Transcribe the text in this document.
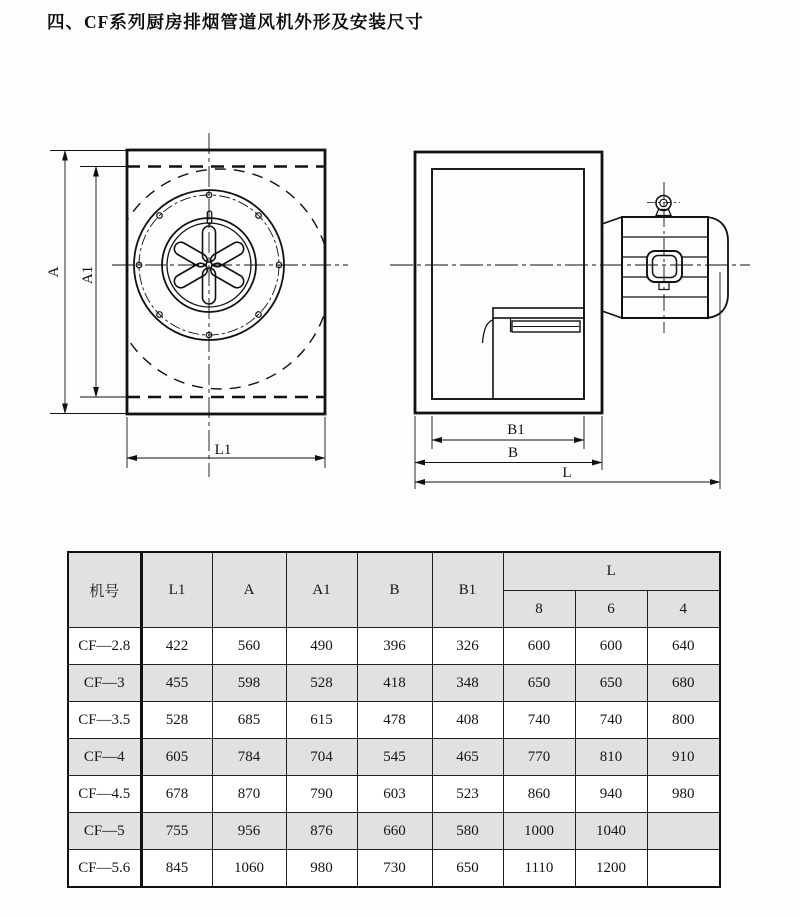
四、CF系列厨房排烟管道风机外形及安装尺寸
A A1
L1
B1
B
L
机号	L1	A	A1	B	B1	L		
						8	6	4
CF—2.8	422	560	490	396	326	600	600	640
CF—3	455	598	528	418	348	650	650	680
CF—3.5	528	685	615	478	408	740	740	800
CF—4	605	784	704	545	465	770	810	910
CF—4.5	678	870	790	603	523	860	940	980
CF—5	755	956	876	660	580	1000	1040	
CF—5.6	845	1060	980	730	650	1110	1200	
